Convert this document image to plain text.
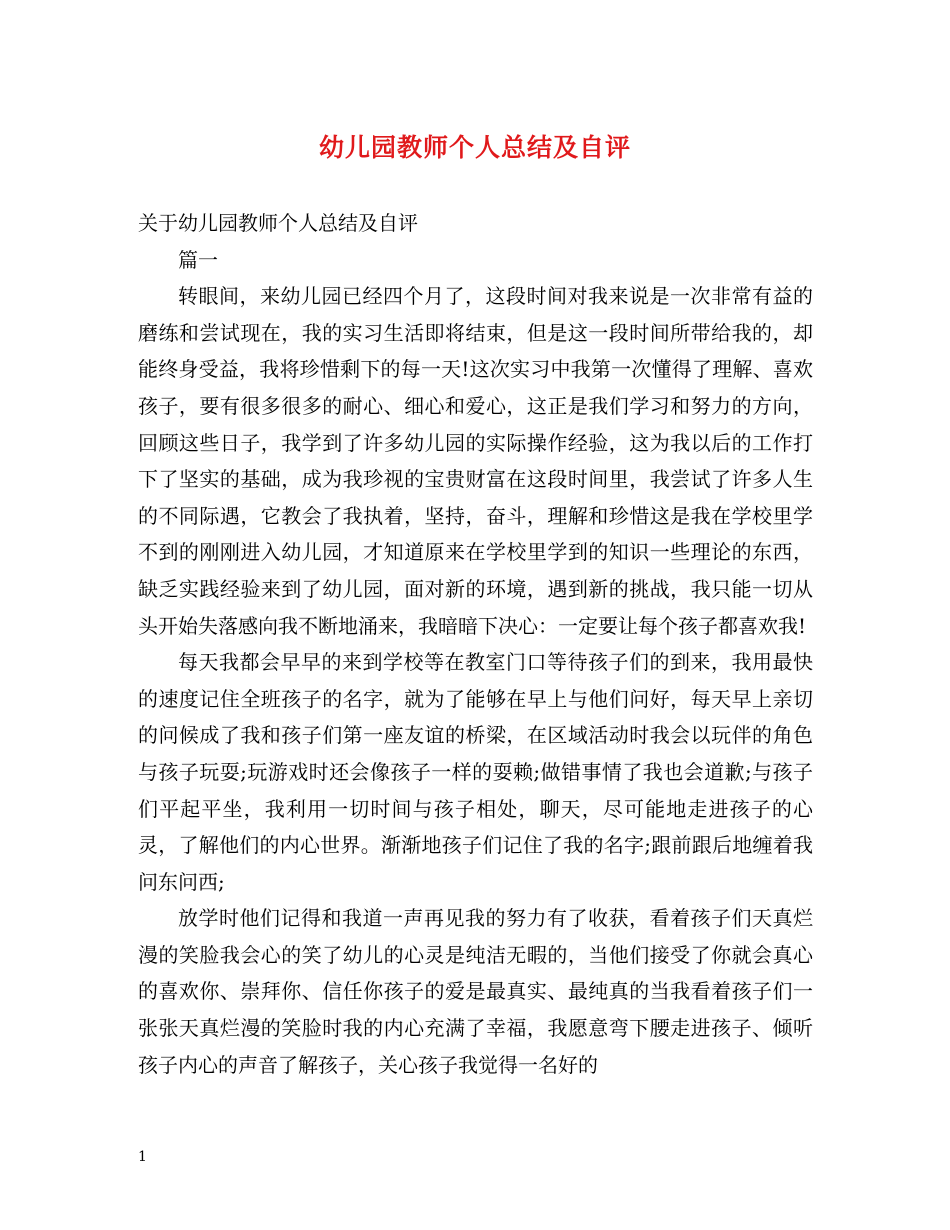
幼儿园教师个人总结及自评

关于幼儿园教师个人总结及自评

篇一

转眼间，来幼儿园已经四个月了，这段时间对我来说是一次非常有益的磨练和尝试现在，我的实习生活即将结束，但是这一段时间所带给我的，却能终身受益，我将珍惜剩下的每一天!这次实习中我第一次懂得了理解、喜欢孩子，要有很多很多的耐心、细心和爱心，这正是我们学习和努力的方向，回顾这些日子，我学到了许多幼儿园的实际操作经验，这为我以后的工作打下了坚实的基础，成为我珍视的宝贵财富在这段时间里，我尝试了许多人生的不同际遇，它教会了我执着，坚持，奋斗，理解和珍惜这是我在学校里学不到的刚刚进入幼儿园，才知道原来在学校里学到的知识一些理论的东西，缺乏实践经验来到了幼儿园，面对新的环境，遇到新的挑战，我只能一切从头开始失落感向我不断地涌来，我暗暗下决心：一定要让每个孩子都喜欢我!

每天我都会早早的来到学校等在教室门口等待孩子们的到来，我用最快的速度记住全班孩子的名字，就为了能够在早上与他们问好，每天早上亲切的问候成了我和孩子们第一座友谊的桥梁，在区域活动时我会以玩伴的角色与孩子玩耍;玩游戏时还会像孩子一样的耍赖;做错事情了我也会道歉;与孩子们平起平坐，我利用一切时间与孩子相处，聊天，尽可能地走进孩子的心灵，了解他们的内心世界。渐渐地孩子们记住了我的名字;跟前跟后地缠着我问东问西;

放学时他们记得和我道一声再见我的努力有了收获，看着孩子们天真烂漫的笑脸我会心的笑了幼儿的心灵是纯洁无暇的，当他们接受了你就会真心的喜欢你、崇拜你、信任你孩子的爱是最真实、最纯真的当我看着孩子们一张张天真烂漫的笑脸时我的内心充满了幸福，我愿意弯下腰走进孩子、倾听孩子内心的声音了解孩子，关心孩子我觉得一名好的

1
